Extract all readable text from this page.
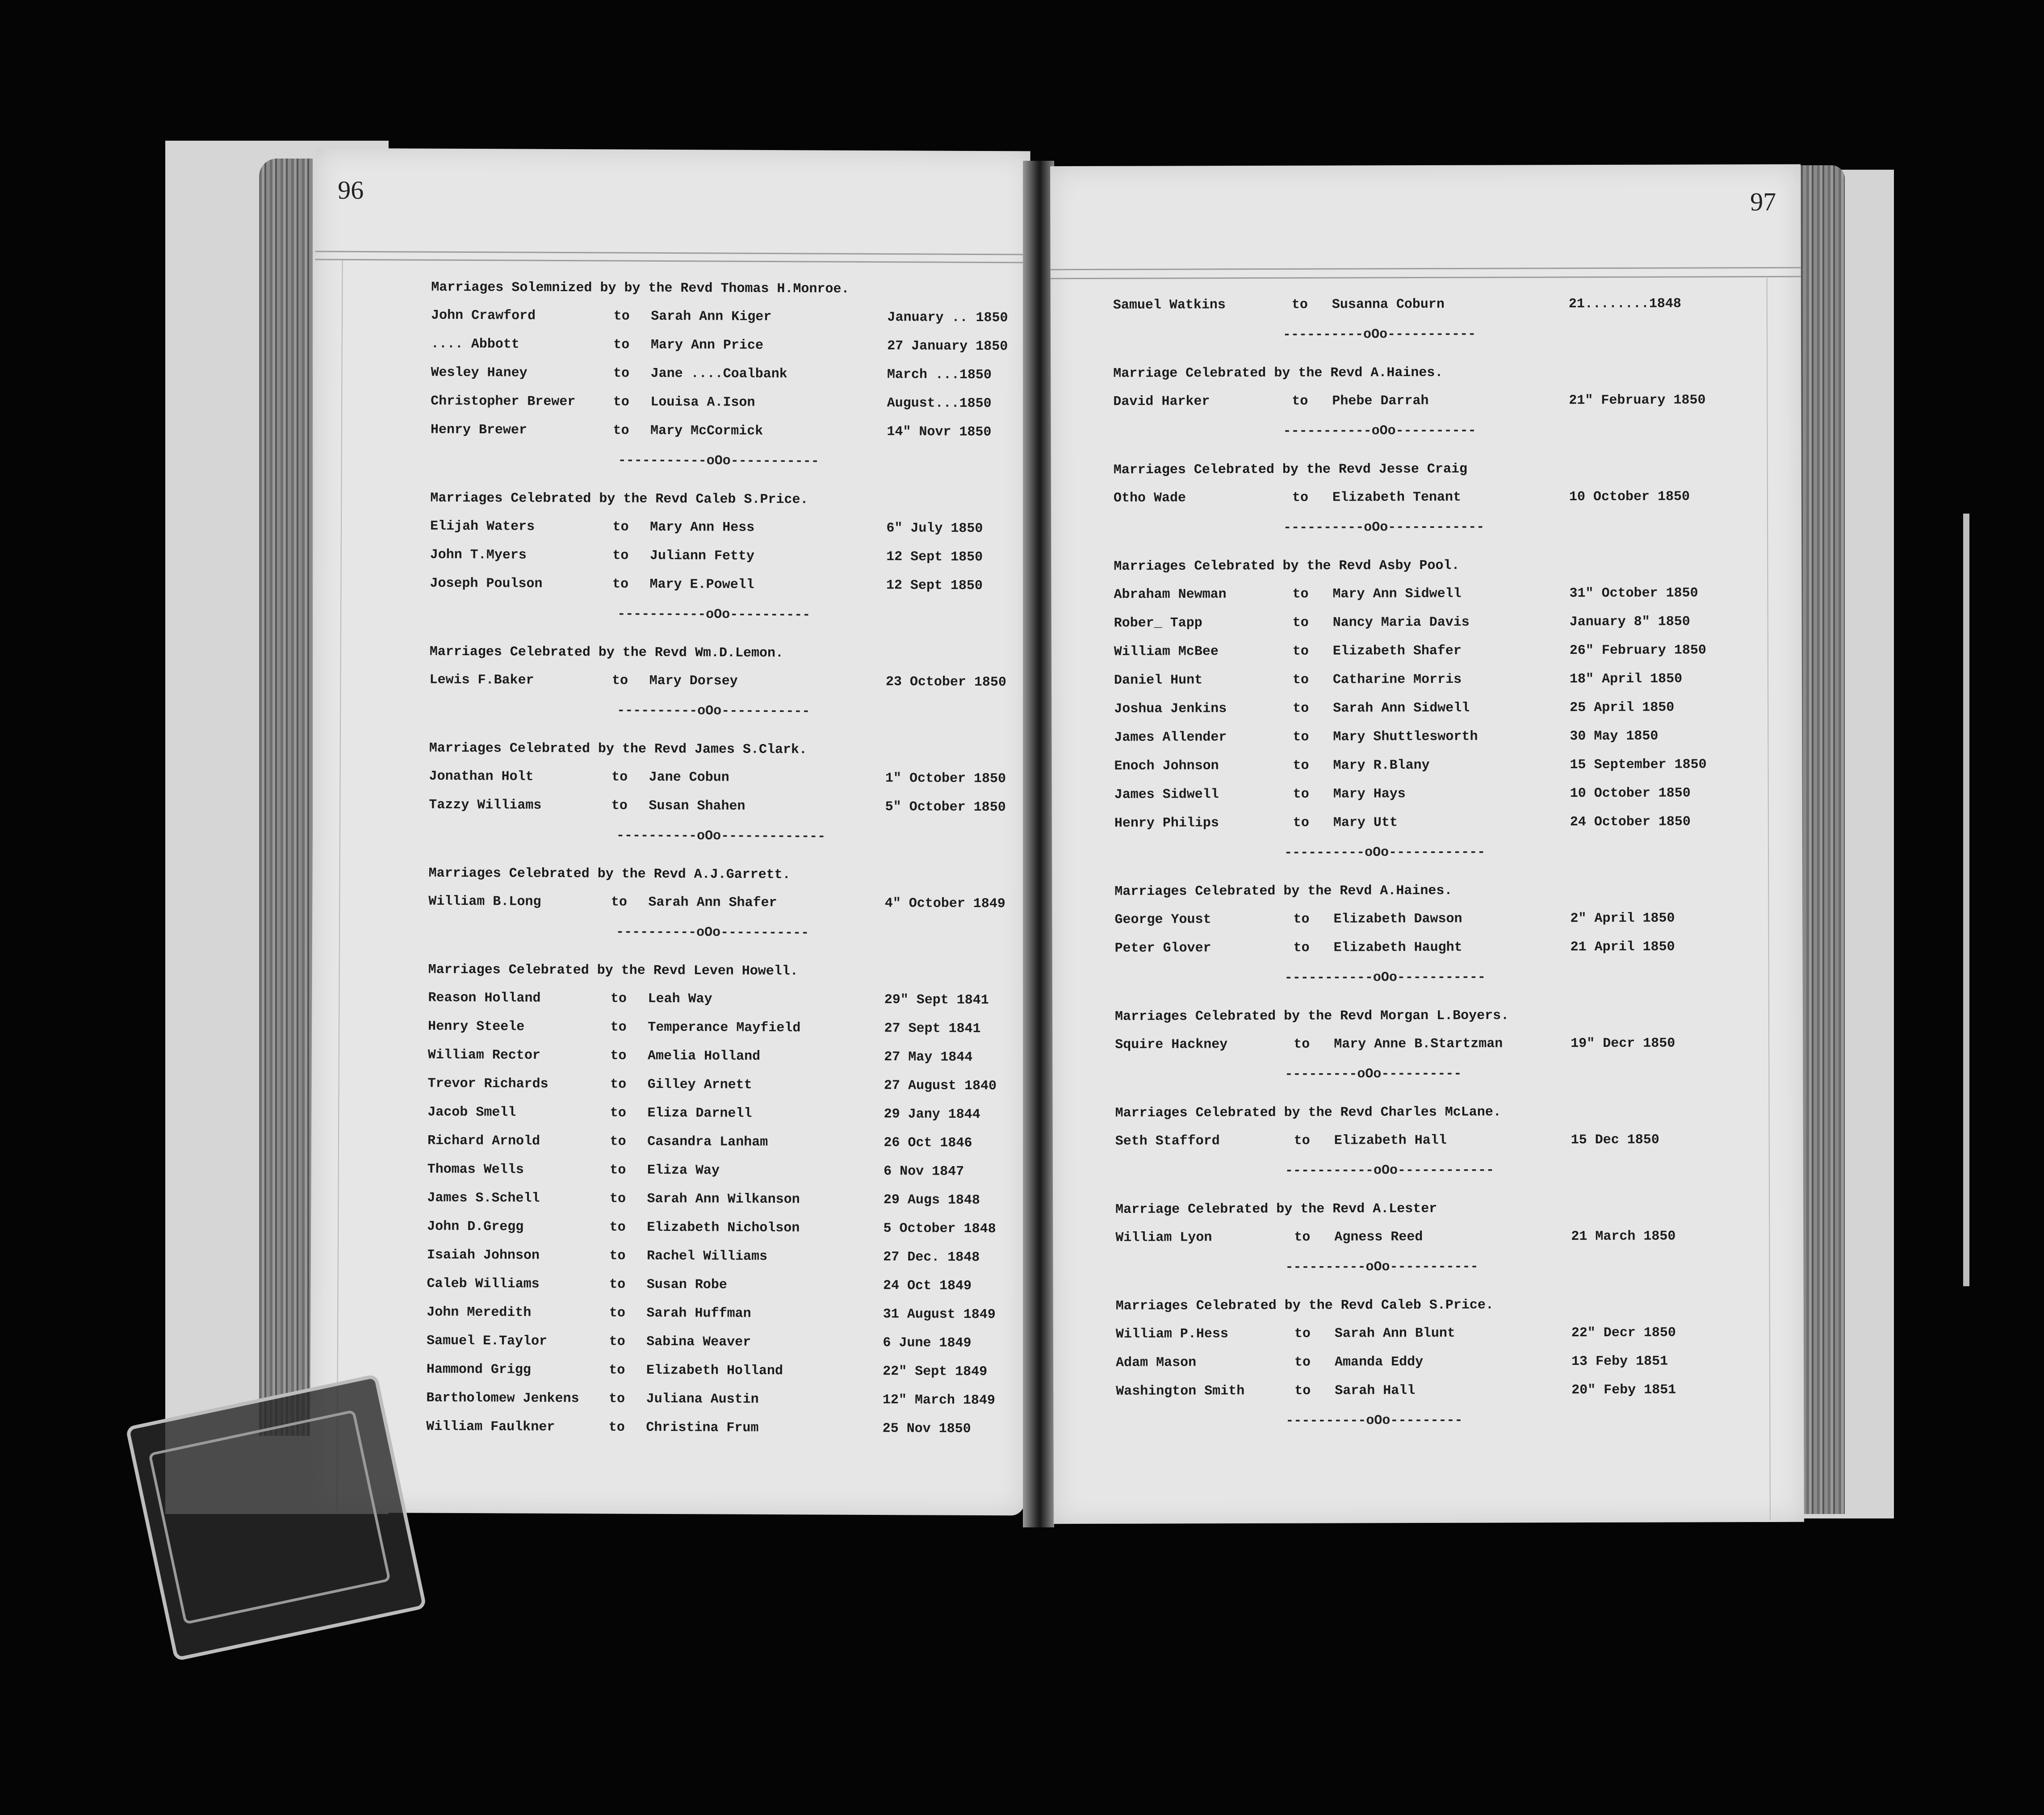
96
Marriages Solemnized by by the Revd Thomas H.Monroe.
John Crawford	to	Sarah Ann Kiger	January .. 1850
.... Abbott	to	Mary Ann Price	27 January 1850
Wesley Haney	to	Jane ....Coalbank	March ...1850
Christopher Brewer	to	Louisa A.Ison	August...1850
Henry Brewer	to	Mary McCormick	14" Novr 1850
-----------oOo-----------
Marriages Celebrated by the Revd Caleb S.Price.
Elijah Waters	to	Mary Ann Hess	6" July 1850
John T.Myers	to	Juliann Fetty	12 Sept 1850
Joseph Poulson	to	Mary E.Powell	12 Sept 1850
-----------oOo----------
Marriages Celebrated by the Revd Wm.D.Lemon.
Lewis F.Baker	to	Mary Dorsey	23 October 1850
----------oOo-----------
Marriages Celebrated by the Revd James S.Clark.
Jonathan Holt	to	Jane Cobun	1" October 1850
Tazzy Williams	to	Susan Shahen	5" October 1850
----------oOo-------------
Marriages Celebrated by the Revd A.J.Garrett.
William B.Long	to	Sarah Ann Shafer	4" October 1849
----------oOo-----------
Marriages Celebrated by the Revd Leven Howell.
Reason Holland	to	Leah Way	29" Sept 1841
Henry Steele	to	Temperance Mayfield	27 Sept 1841
William Rector	to	Amelia Holland	27 May 1844
Trevor Richards	to	Gilley Arnett	27 August 1840
Jacob Smell	to	Eliza Darnell	29 Jany 1844
Richard Arnold	to	Casandra Lanham	26 Oct 1846
Thomas Wells	to	Eliza Way	6 Nov 1847
James S.Schell	to	Sarah Ann Wilkanson	29 Augs 1848
John D.Gregg	to	Elizabeth Nicholson	5 October 1848
Isaiah Johnson	to	Rachel Williams	27 Dec. 1848
Caleb Williams	to	Susan Robe	24 Oct 1849
John Meredith	to	Sarah Huffman	31 August 1849
Samuel E.Taylor	to	Sabina Weaver	6 June 1849
Hammond Grigg	to	Elizabeth Holland	22" Sept 1849
Bartholomew Jenkens	to	Juliana Austin	12" March 1849
William Faulkner	to	Christina Frum	25 Nov 1850
97
Samuel Watkins	to	Susanna Coburn	21........1848
----------oOo-----------
Marriage Celebrated by the Revd A.Haines.
David Harker	to	Phebe Darrah	21" February 1850
-----------oOo----------
Marriages Celebrated by the Revd Jesse Craig
Otho Wade	to	Elizabeth Tenant	10 October 1850
----------oOo------------
Marriages Celebrated by the Revd Asby Pool.
Abraham Newman	to	Mary Ann Sidwell	31" October 1850
Rober_ Tapp	to	Nancy Maria Davis	January 8" 1850
William McBee	to	Elizabeth Shafer	26" February 1850
Daniel Hunt	to	Catharine Morris	18" April 1850
Joshua Jenkins	to	Sarah Ann Sidwell	25 April 1850
James Allender	to	Mary Shuttlesworth	30 May 1850
Enoch Johnson	to	Mary R.Blany	15 September 1850
James Sidwell	to	Mary Hays	10 October 1850
Henry Philips	to	Mary Utt	24 October 1850
----------oOo------------
Marriages Celebrated by the Revd A.Haines.
George Youst	to	Elizabeth Dawson	2" April 1850
Peter Glover	to	Elizabeth Haught	21 April 1850
-----------oOo-----------
Marriages Celebrated by the Revd Morgan L.Boyers.
Squire Hackney	to	Mary Anne B.Startzman	19" Decr 1850
---------oOo----------
Marriages Celebrated by the Revd Charles McLane.
Seth Stafford	to	Elizabeth Hall	15 Dec 1850
-----------oOo------------
Marriage Celebrated by the Revd A.Lester
William Lyon	to	Agness Reed	21 March 1850
----------oOo-----------
Marriages Celebrated by the Revd Caleb S.Price.
William P.Hess	to	Sarah Ann Blunt	22" Decr 1850
Adam Mason	to	Amanda Eddy	13 Feby 1851
Washington Smith	to	Sarah Hall	20" Feby 1851
----------oOo---------
